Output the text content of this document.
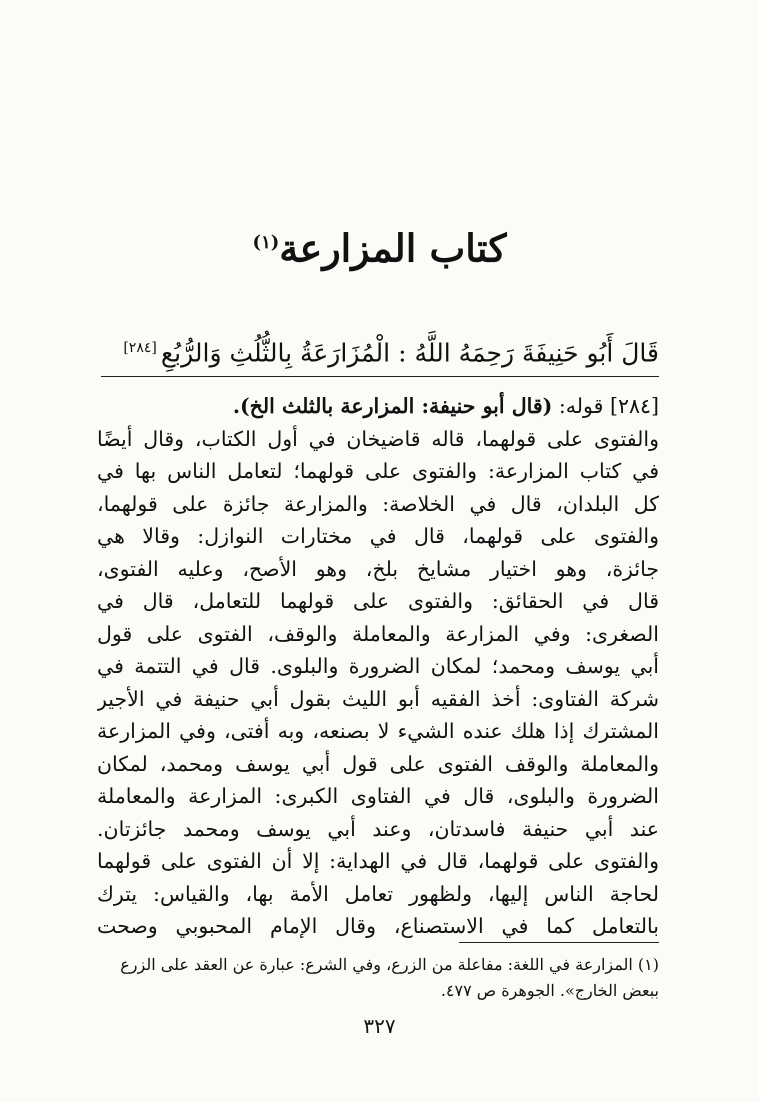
كتاب المزارعة$^{(١)}$
قَالَ أَبُو حَنِيفَةَ رَحِمَهُ اللَّهُ : الْمُزَارَعَةُ بِالثُّلُثِ وَالرُّبُعِ[٢٨٤]
[٢٨٤] قوله: (قال أبو حنيفة: المزارعة بالثلث الخ).
والفتوى على قولهما، قاله قاضيخان في أول الكتاب، وقال أيضًا
في كتاب المزارعة: والفتوى على قولهما؛ لتعامل الناس بها في
كل البلدان، قال في الخلاصة: والمزارعة جائزة على قولهما،
والفتوى على قولهما، قال في مختارات النوازل: وقالا هي
جائزة، وهو اختيار مشايخ بلخ، وهو الأصح، وعليه الفتوى،
قال في الحقائق: والفتوى على قولهما للتعامل، قال في
الصغرى: وفي المزارعة والمعاملة والوقف، الفتوى على قول
أبي يوسف ومحمد؛ لمكان الضرورة والبلوى. قال في التتمة في
شركة الفتاوى: أخذ الفقيه أبو الليث بقول أبي حنيفة في الأجير
المشترك إذا هلك عنده الشيء لا بصنعه، وبه أفتى، وفي المزارعة
والمعاملة والوقف الفتوى على قول أبي يوسف ومحمد، لمكان
الضرورة والبلوى، قال في الفتاوى الكبرى: المزارعة والمعاملة
عند أبي حنيفة فاسدتان، وعند أبي يوسف ومحمد جائزتان.
والفتوى على قولهما، قال في الهداية: إلا أن الفتوى على قولهما
لحاجة الناس إليها، ولظهور تعامل الأمة بها، والقياس: يترك
بالتعامل كما في الاستصناع، وقال الإمام المحبوبي وصحت
(١) المزارعة في اللغة: مفاعلة من الزرع، وفي الشرع: عبارة عن العقد على الزرع
ببعض الخارج». الجوهرة ص ٤٧٧.
٣٢٧
